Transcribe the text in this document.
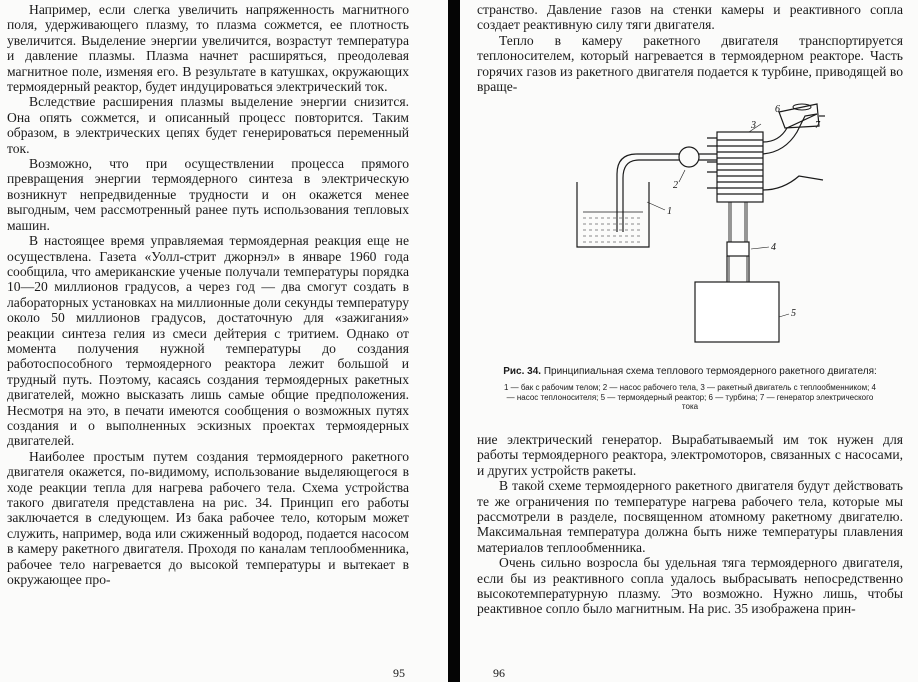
Например, если слегка увеличить напряженность магнитного поля, удерживающего плазму, то плазма сожмется, ее плотность увеличится. Выделение энергии увеличится, возрастут температура и давление плазмы. Плазма начнет расширяться, преодолевая магнитное поле, изменяя его. В результате в катушках, окружающих термоядерный реактор, будет индуцироваться электрический ток.

Вследствие расширения плазмы выделение энергии снизится. Она опять сожмется, и описанный процесс повторится. Таким образом, в электрических цепях будет генерироваться переменный ток.

Возможно, что при осуществлении процесса прямого превращения энергии термоядерного синтеза в электрическую возникнут непредвиденные трудности и он окажется менее выгодным, чем рассмотренный ранее путь использования тепловых машин.

В настоящее время управляемая термоядерная реакция еще не осуществлена. Газета «Уолл-стрит джорнэл» в январе 1960 года сообщила, что американские ученые получали температуры порядка 10—20 миллионов градусов, а через год — два смогут создать в лабораторных установках на миллионные доли секунды температуру около 50 миллионов градусов, достаточную для «зажигания» реакции синтеза гелия из смеси дейтерия с тритием. Однако от момента получения нужной температуры до создания работоспособного термоядерного реактора лежит большой и трудный путь. Поэтому, касаясь создания термоядерных ракетных двигателей, можно высказать лишь самые общие предположения. Несмотря на это, в печати имеются сообщения о возможных путях создания и о выполненных эскизных проектах термоядерных двигателей.

Наиболее простым путем создания термоядерного ракетного двигателя окажется, по-видимому, использование выделяющегося в ходе реакции тепла для нагрева рабочего тела. Схема устройства такого двигателя представлена на рис. 34. Принцип его работы заключается в следующем. Из бака рабочее тело, которым может служить, например, вода или сжиженный водород, подается насосом в камеру ракетного двигателя. Проходя по каналам теплообменника, рабочее тело нагревается до высокой температуры и вытекает в окружающее про-

95

странство. Давление газов на стенки камеры и реактивного сопла создает реактивную силу тяги двигателя.

Тепло в камеру ракетного двигателя транспортируется теплоносителем, который нагревается в термоядерном реакторе. Часть горячих газов из ракетного двигателя подается к турбине, приводящей во враще-

1
2
3
4
5
6
7
Рис. 34. Принципиальная схема теплового термоядерного ракетного двигателя:
1 — бак с рабочим телом; 2 — насос рабочего тела, 3 — ракетный двигатель с теплообменником; 4 — насос теплоносителя; 5 — термоядерный реактор; 6 — турбина; 7 — генератор электрического тока

ние электрический генератор. Вырабатываемый им ток нужен для работы термоядерного реактора, электромоторов, связанных с насосами, и других устройств ракеты.

В такой схеме термоядерного ракетного двигателя будут действовать те же ограничения по температуре нагрева рабочего тела, которые мы рассмотрели в разделе, посвященном атомному ракетному двигателю. Максимальная температура должна быть ниже температуры плавления материалов теплообменника.

Очень сильно возросла бы удельная тяга термоядерного двигателя, если бы из реактивного сопла удалось выбрасывать непосредственно высокотемпературную плазму. Это возможно. Нужно лишь, чтобы реактивное сопло было магнитным. На рис. 35 изображена прин-

96
